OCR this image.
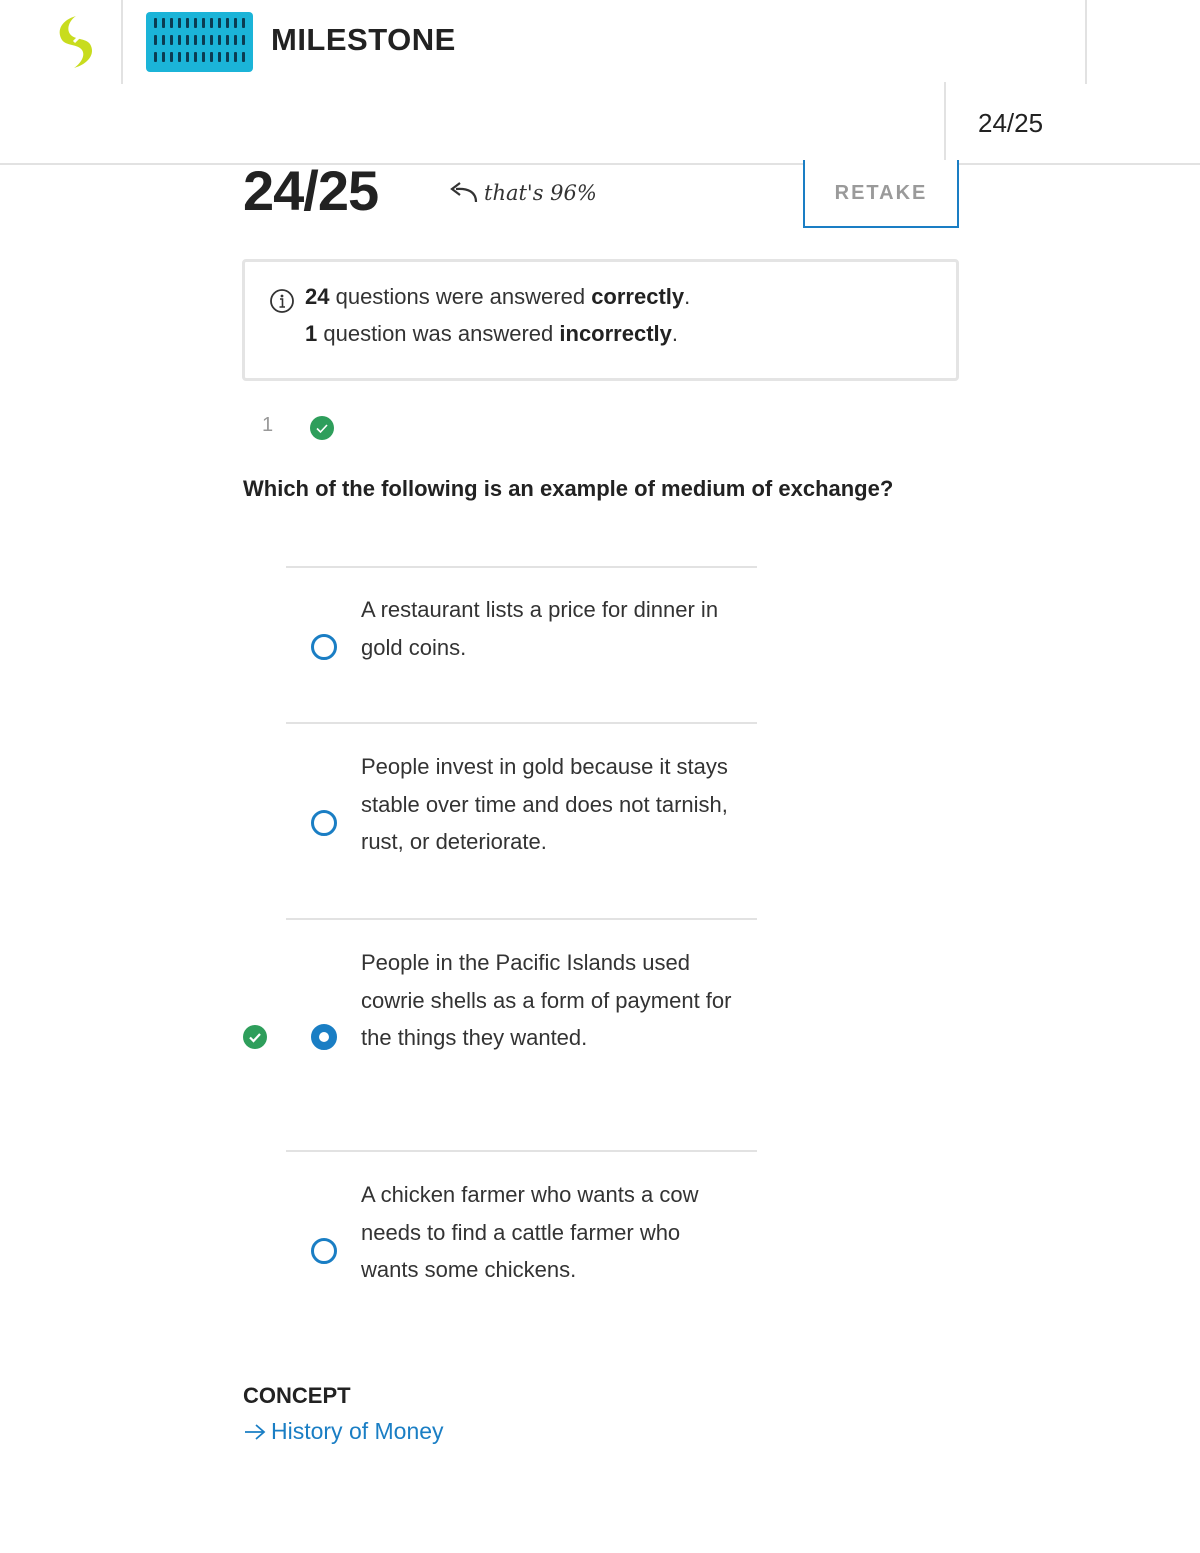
MILESTONE
24/25
24/25	that's 96%	RETAKE
24 questions were answered correctly.
1 question was answered incorrectly.
1
Which of the following is an example of medium of exchange?
A restaurant lists a price for dinner in gold coins.
People invest in gold because it stays stable over time and does not tarnish, rust, or deteriorate.
People in the Pacific Islands used cowrie shells as a form of payment for the things they wanted.
A chicken farmer who wants a cow needs to find a cattle farmer who wants some chickens.
CONCEPT
History of Money
